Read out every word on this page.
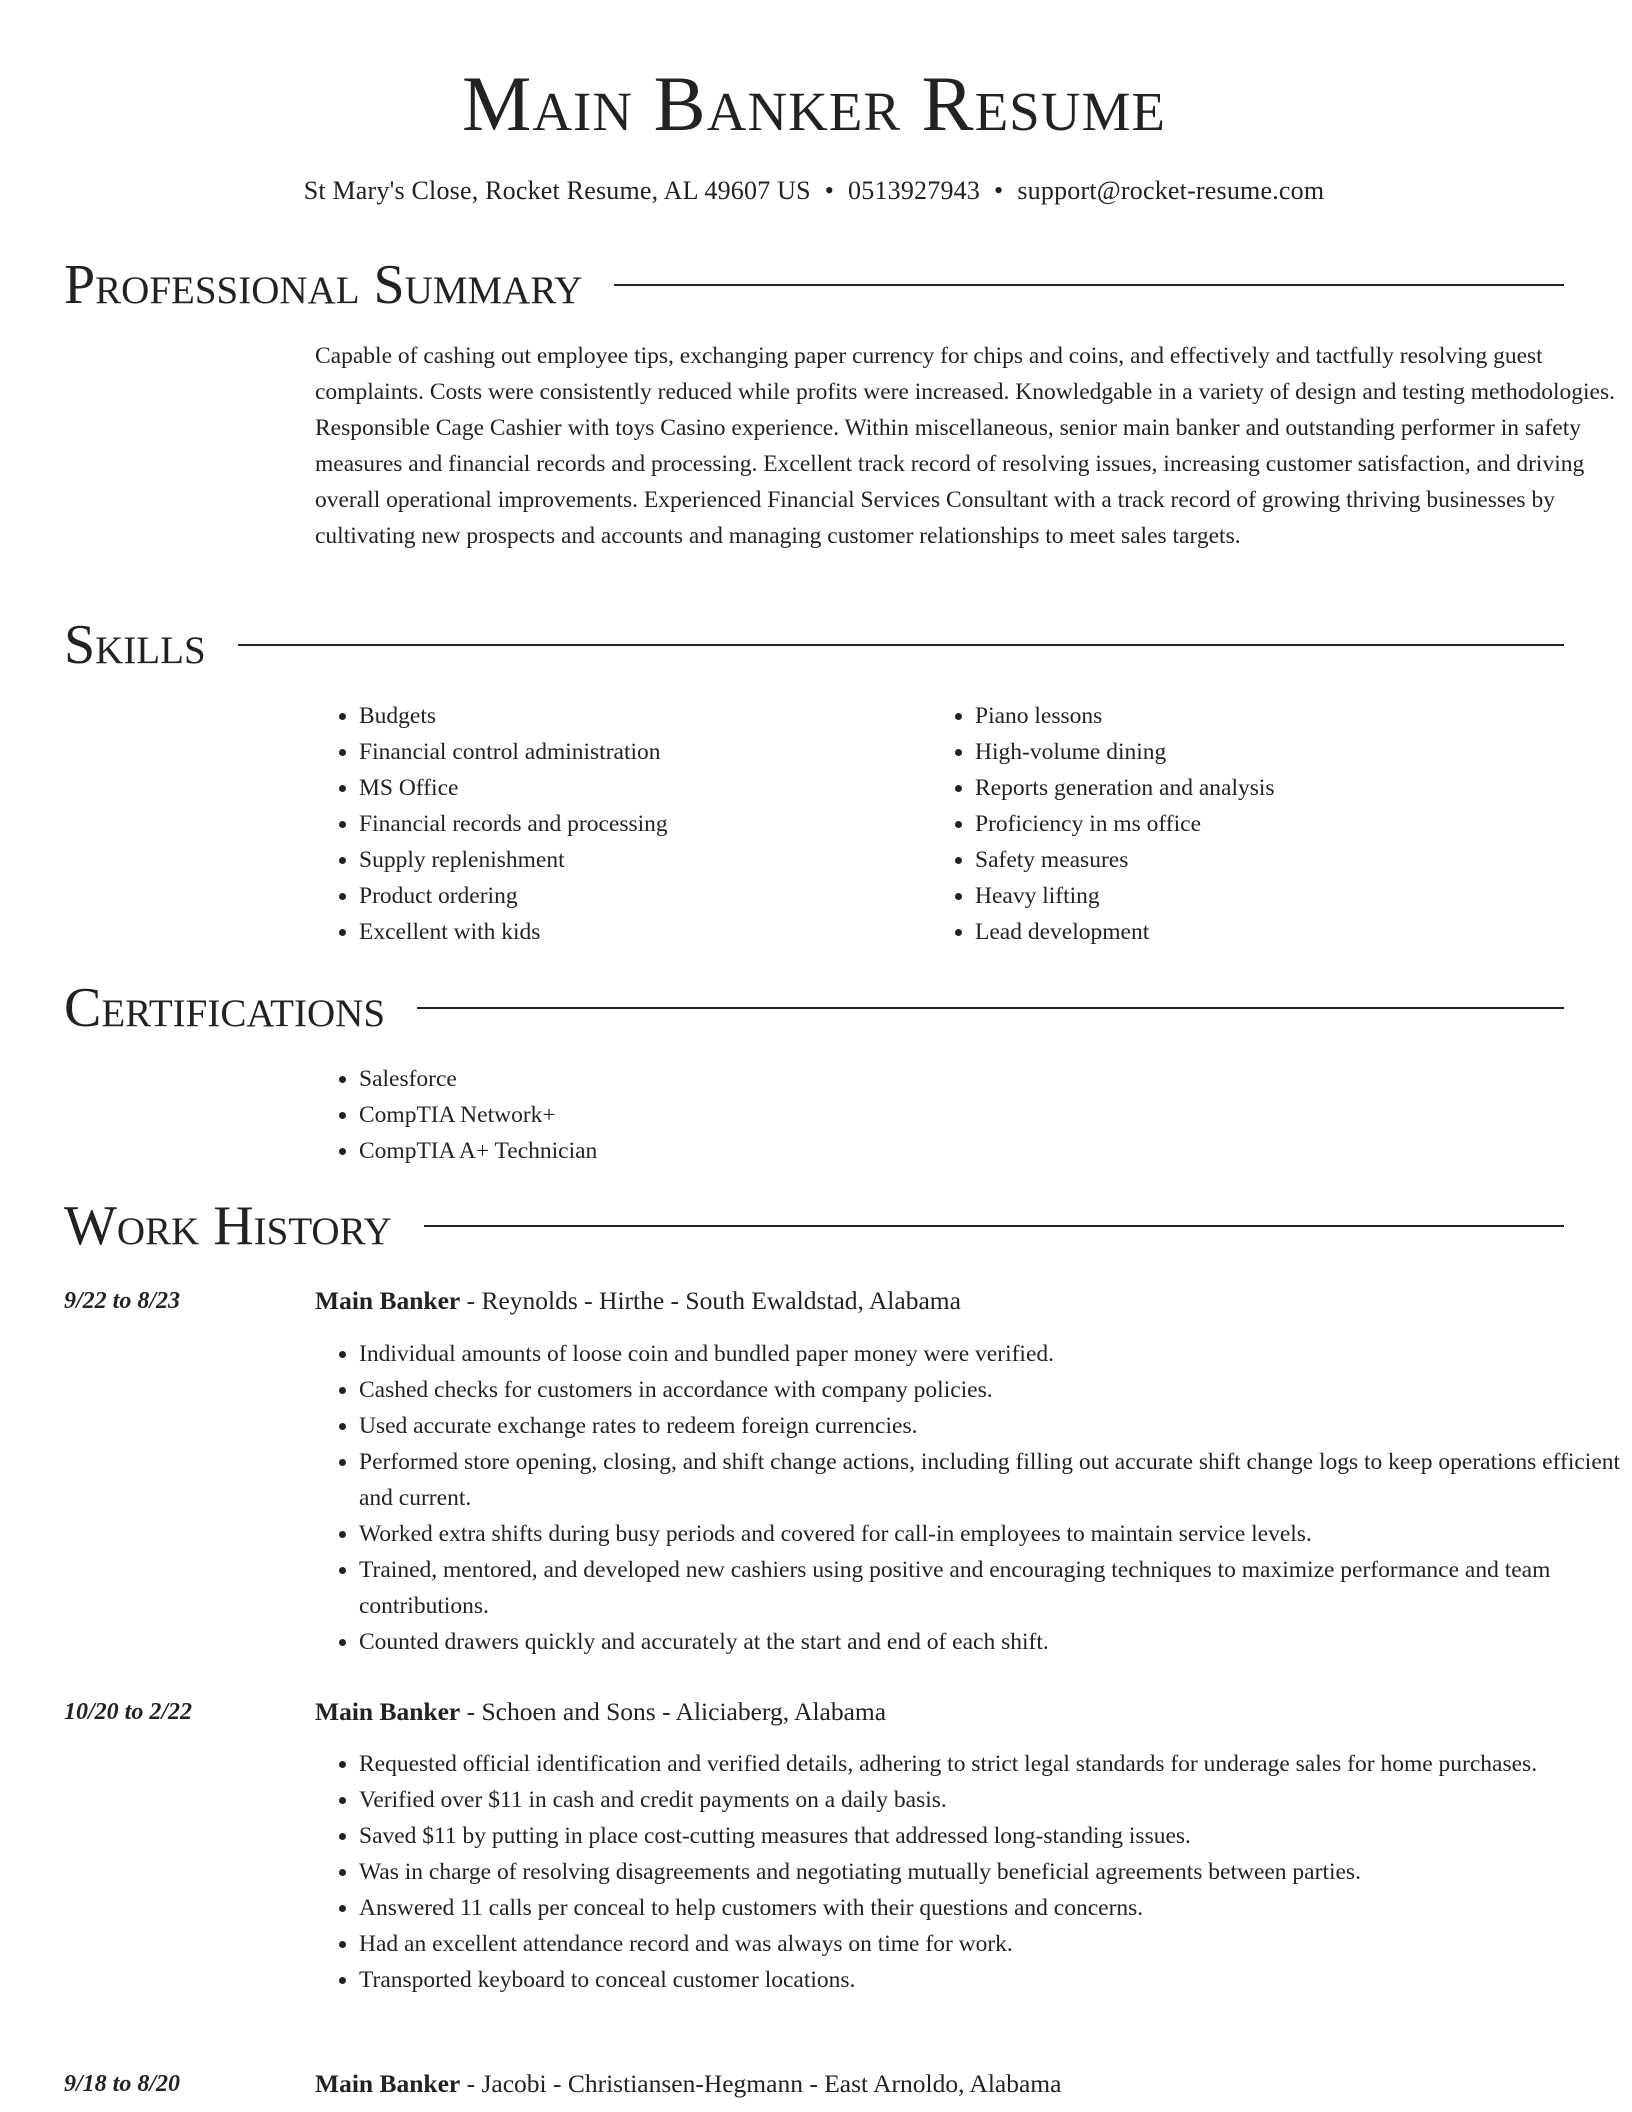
Main Banker Resume
St Mary's Close, Rocket Resume, AL 49607 US • 0513927943 • support@rocket-resume.com
Professional Summary
Capable of cashing out employee tips, exchanging paper currency for chips and coins, and effectively and tactfully resolving guest complaints. Costs were consistently reduced while profits were increased. Knowledgable in a variety of design and testing methodologies. Responsible Cage Cashier with toys Casino experience. Within miscellaneous, senior main banker and outstanding performer in safety measures and financial records and processing. Excellent track record of resolving issues, increasing customer satisfaction, and driving overall operational improvements. Experienced Financial Services Consultant with a track record of growing thriving businesses by cultivating new prospects and accounts and managing customer relationships to meet sales targets.
Skills
• Budgets
• Financial control administration
• MS Office
• Financial records and processing
• Supply replenishment
• Product ordering
• Excellent with kids
• Piano lessons
• High-volume dining
• Reports generation and analysis
• Proficiency in ms office
• Safety measures
• Heavy lifting
• Lead development
Certifications
• Salesforce
• CompTIA Network+
• CompTIA A+ Technician
Work History
9/22 to 8/23	Main Banker - Reynolds - Hirthe - South Ewaldstad, Alabama
• Individual amounts of loose coin and bundled paper money were verified.
• Cashed checks for customers in accordance with company policies.
• Used accurate exchange rates to redeem foreign currencies.
• Performed store opening, closing, and shift change actions, including filling out accurate shift change logs to keep operations efficient and current.
• Worked extra shifts during busy periods and covered for call-in employees to maintain service levels.
• Trained, mentored, and developed new cashiers using positive and encouraging techniques to maximize performance and team contributions.
• Counted drawers quickly and accurately at the start and end of each shift.
10/20 to 2/22	Main Banker - Schoen and Sons - Aliciaberg, Alabama
• Requested official identification and verified details, adhering to strict legal standards for underage sales for home purchases.
• Verified over $11 in cash and credit payments on a daily basis.
• Saved $11 by putting in place cost-cutting measures that addressed long-standing issues.
• Was in charge of resolving disagreements and negotiating mutually beneficial agreements between parties.
• Answered 11 calls per conceal to help customers with their questions and concerns.
• Had an excellent attendance record and was always on time for work.
• Transported keyboard to conceal customer locations.
9/18 to 8/20	Main Banker - Jacobi - Christiansen-Hegmann - East Arnoldo, Alabama
